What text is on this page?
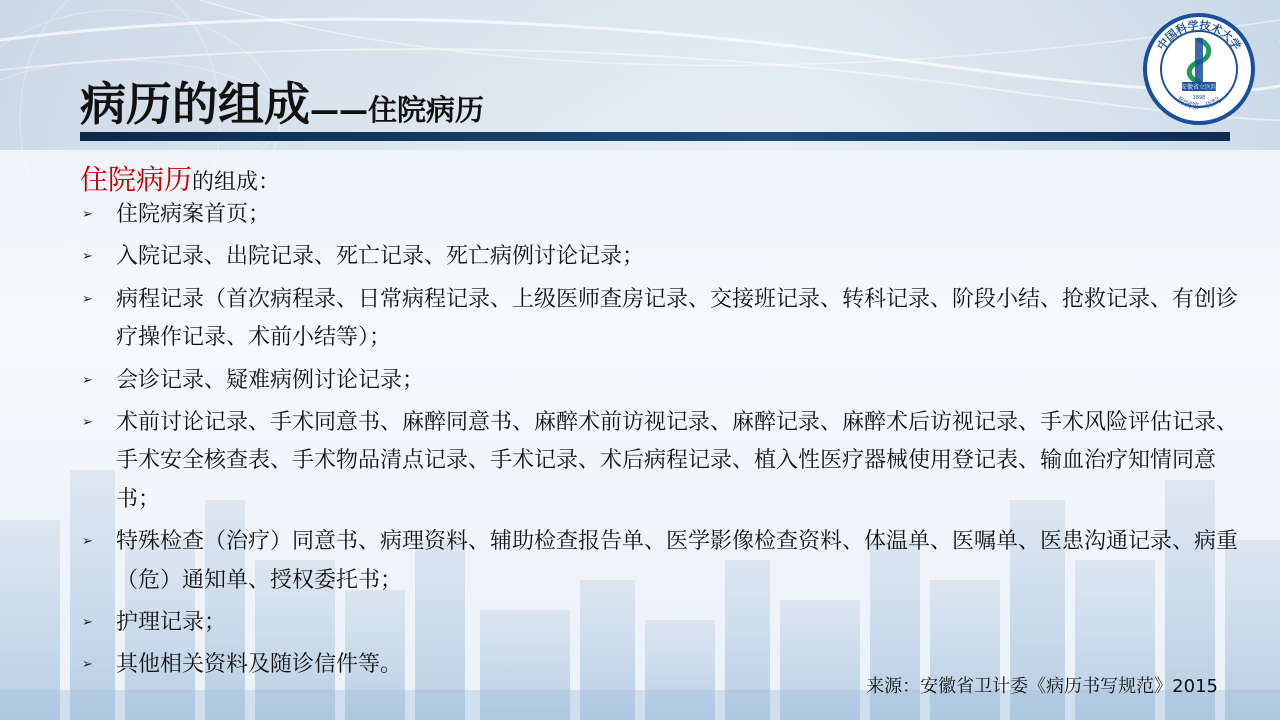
病历的组成 ——住院病历
中国科学技术大学
安徽省立医院
1898
附属第一医院
住院病历的组成：
➢ 住院病案首页；
➢ 入院记录、出院记录、死亡记录、死亡病例讨论记录；
➢ 病程记录（首次病程录、日常病程记录、上级医师查房记录、交接班记录、转科记录、阶段小结、抢救记录、有创诊疗操作记录、术前小结等）；
➢ 会诊记录、疑难病例讨论记录；
➢ 术前讨论记录、手术同意书、麻醉同意书、麻醉术前访视记录、麻醉记录、麻醉术后访视记录、手术风险评估记录、手术安全核查表、手术物品清点记录、手术记录、术后病程记录、植入性医疗器械使用登记表、输血治疗知情同意书；
➢ 特殊检查（治疗）同意书、病理资料、辅助检查报告单、医学影像检查资料、体温单、医嘱单、医患沟通记录、病重（危）通知单、授权委托书；
➢ 护理记录；
➢ 其他相关资料及随诊信件等。
来源：安徽省卫计委《病历书写规范》2015
